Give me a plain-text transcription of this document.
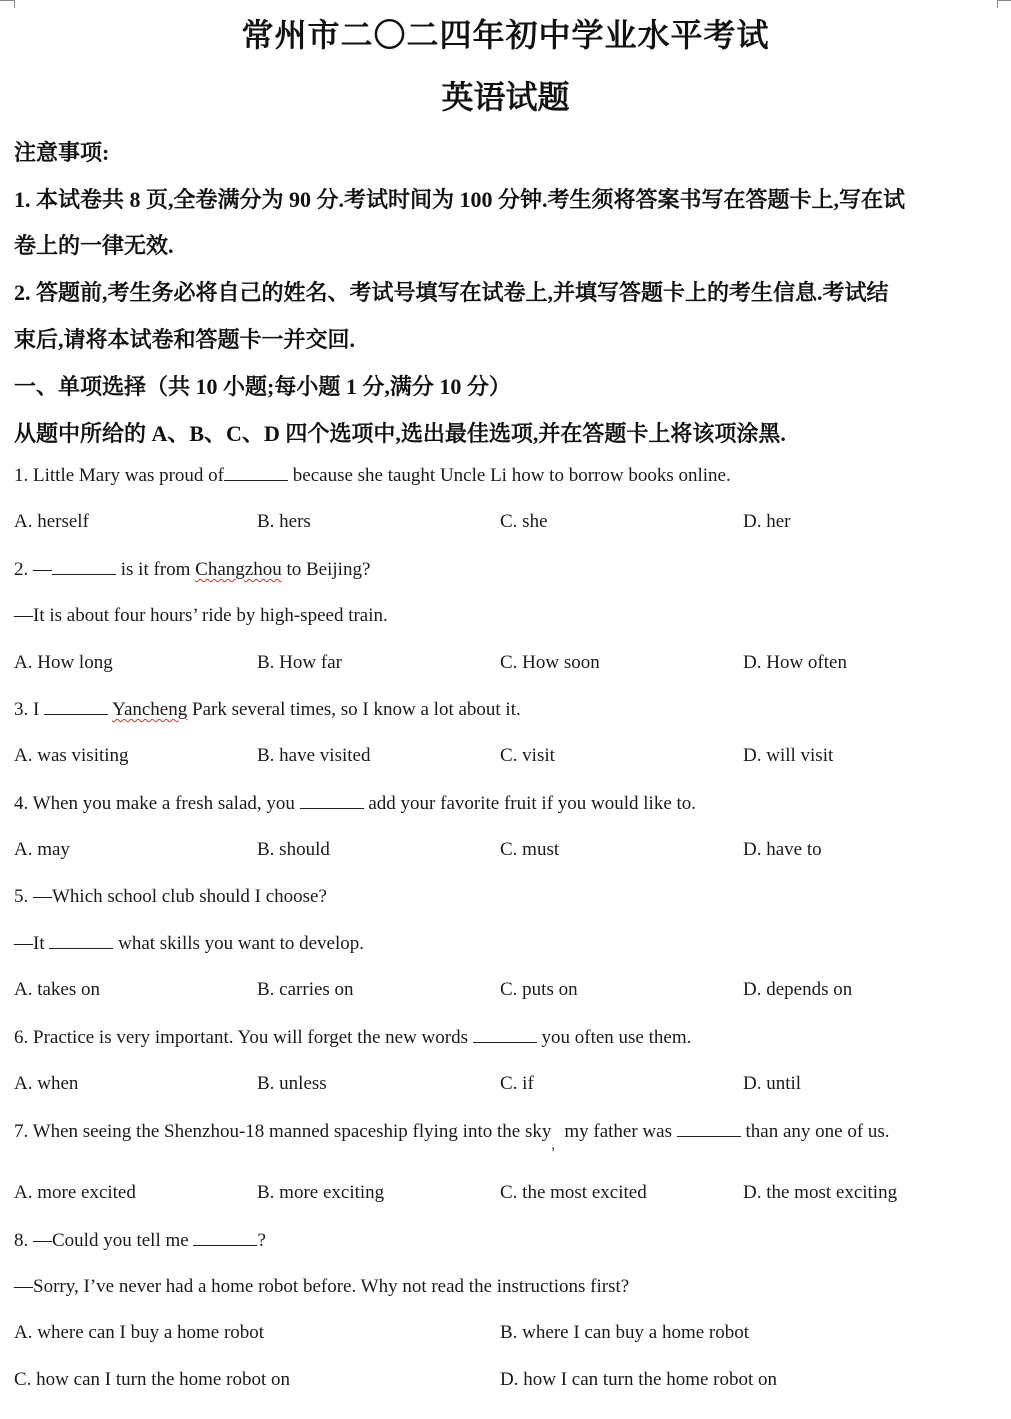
常州市二〇二四年初中学业水平考试
英语试题
注意事项:
1. 本试卷共 8 页,全卷满分为 90 分.考试时间为 100 分钟.考生须将答案书写在答题卡上,写在试
卷上的一律无效.
2. 答题前,考生务必将自己的姓名、考试号填写在试卷上,并填写答题卡上的考生信息.考试结
束后,请将本试卷和答题卡一并交回.
一、单项选择（共 10 小题;每小题 1 分,满分 10 分）
从题中所给的 A、B、C、D 四个选项中,选出最佳选项,并在答题卡上将该项涂黑.
1. Little Mary was proud of	because she taught Uncle Li how to borrow books online.
A. herself	B. hers	C. she	D. her
2. —	is it from Changzhou to Beijing?
—It is about four hours’ ride by high-speed train.
A. How long	B. How far	C. How soon	D. How often
3. I	Yancheng Park several times, so I know a lot about it.
A. was visiting	B. have visited	C. visit	D. will visit
4. When you make a fresh salad, you	add your favorite fruit if you would like to.
A. may	B. should	C. must	D. have to
5. —Which school club should I choose?
—It	what skills you want to develop.
A. takes on	B. carries on	C. puts on	D. depends on
6. Practice is very important. You will forget the new words	you often use them.
A. when	B. unless	C. if	D. until
7. When seeing the Shenzhou-18 manned spaceship flying into the sky$_,$  my father was	than any one of us.
A. more excited	B. more exciting	C. the most excited	D. the most exciting
8. —Could you tell me	?
—Sorry, I’ve never had a home robot before. Why not read the instructions first?
A. where can I buy a home robot	B. where I can buy a home robot
C. how can I turn the home robot on	D. how I can turn the home robot on
